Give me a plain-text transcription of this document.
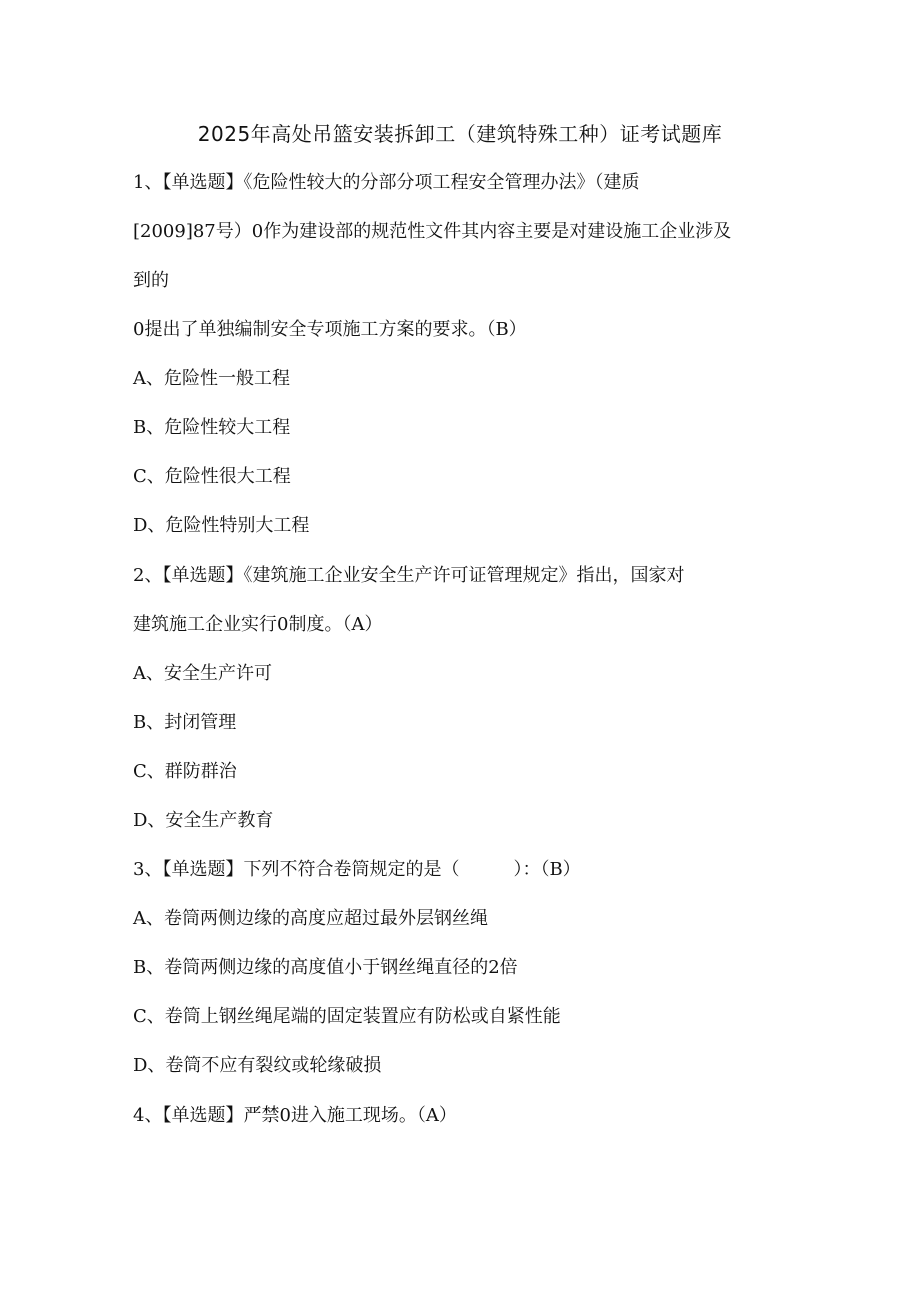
2025年高处吊篮安装拆卸工（建筑特殊工种）证考试题库
1、【单选题】《危险性较大的分部分项工程安全管理办法》（建质
[2009]87号）0作为建设部的规范性文件其内容主要是对建设施工企业涉及
到的
0提出了单独编制安全专项施工方案的要求。（B）
A、危险性一般工程
B、危险性较大工程
C、危险性很大工程
D、危险性特别大工程
2、【单选题】《建筑施工企业安全生产许可证管理规定》指出，国家对
建筑施工企业实行0制度。（A）
A、安全生产许可
B、封闭管理
C、群防群治
D、安全生产教育
3、【单选题】下列不符合卷筒规定的是（　　　）：（B）
A、卷筒两侧边缘的高度应超过最外层钢丝绳
B、卷筒两侧边缘的高度值小于钢丝绳直径的2倍
C、卷筒上钢丝绳尾端的固定装置应有防松或自紧性能
D、卷筒不应有裂纹或轮缘破损
4、【单选题】严禁0进入施工现场。（A）
